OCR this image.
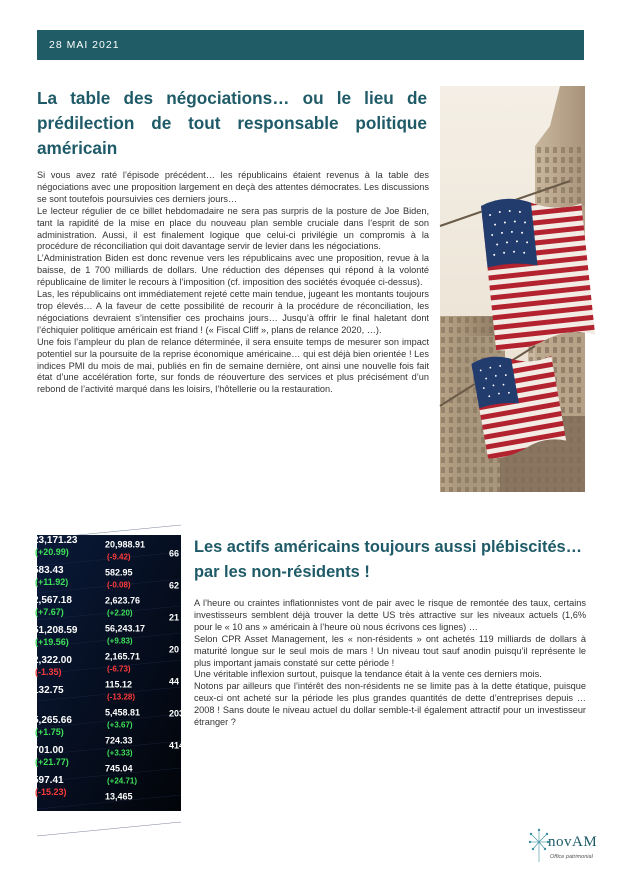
28 MAI 2021
La table des négociations… ou le lieu de prédilection de tout responsable politique américain

Si vous avez raté l’épisode précédent… les républicains étaient revenus à la table des négociations avec une proposition largement en deçà des attentes démocrates. Les discussions se sont toutefois poursuivies ces derniers jours…

Le lecteur régulier de ce billet hebdomadaire ne sera pas surpris de la posture de Joe Biden, tant la rapidité de la mise en place du nouveau plan semble cruciale dans l’esprit de son administration. Aussi, il est finalement logique que celui-ci privilégie un compromis à la procédure de réconciliation qui doit davantage servir de levier dans les négociations.

L’Administration Biden est donc revenue vers les républicains avec une proposition, revue à la baisse, de 1 700 milliards de dollars. Une réduction des dépenses qui répond à la volonté républicaine de limiter le recours à l’imposition (cf. imposition des sociétés évoquée ci-dessus).

Las, les républicains ont immédiatement rejeté cette main tendue, jugeant les montants toujours trop élevés… A la faveur de cette possibilité de recourir à la procédure de réconciliation, les négociations devraient s’intensifier ces prochains jours… Jusqu’à offrir le final haletant dont l’échiquier politique américain est friand ! (« Fiscal Cliff », plans de relance 2020, …).

Une fois l’ampleur du plan de relance déterminée, il sera ensuite temps de mesurer son impact potentiel sur la poursuite de la reprise économique américaine… qui est déjà bien orientée ! Les indices PMI du mois de mai, publiés en fin de semaine dernière, ont ainsi une nouvelle fois fait état d’une accélération forte, sur fonds de réouverture des services et plus précisément d’un rebond de l’activité marqué dans les loisirs, l’hôtellerie ou la restauration.

23,171.23
(+20.99)
583.43
(+11.92)
2,567.18
(+7.67)
51,208.59
(+19.56)
2,322.00
(-1.35)
132.75
5,265.66
(+1.75)
701.00
(+21.77)
597.41
(-15.23)
20,988.91
(-9.42)
582.95
(-0.08)
2,623.76
(+2.20)
56,243.17
(+9.83)
2,165.71
(-6.73)
115.12
(-13.28)
5,458.81
(+3.67)
724.33
(+3.33)
745.04
(+24.71)
13,465
66
62
21
20
44
203
414
Les actifs américains toujours aussi plébiscités… par les non-résidents !

A l’heure ou craintes inflationnistes vont de pair avec le risque de remontée des taux, certains investisseurs semblent déjà trouver la dette US très attractive sur les niveaux actuels (1,6% pour le « 10 ans » américain à l’heure où nous écrivons ces lignes) …

Selon CPR Asset Management, les « non-résidents » ont achetés 119 milliards de dollars à maturité longue sur le seul mois de mars ! Un niveau tout sauf anodin puisqu’il représente le plus important jamais constaté sur cette période !

Une véritable inflexion surtout, puisque la tendance était à la vente ces derniers mois.

Notons par ailleurs que l’intérêt des non-résidents ne se limite pas à la dette étatique, puisque ceux-ci ont acheté sur la période les plus grandes quantités de dette d’entreprises depuis … 2008 ! Sans doute le niveau actuel du dollar semble-t-il également attractif pour un investisseur étranger ?

novAM
Office patrimonial
